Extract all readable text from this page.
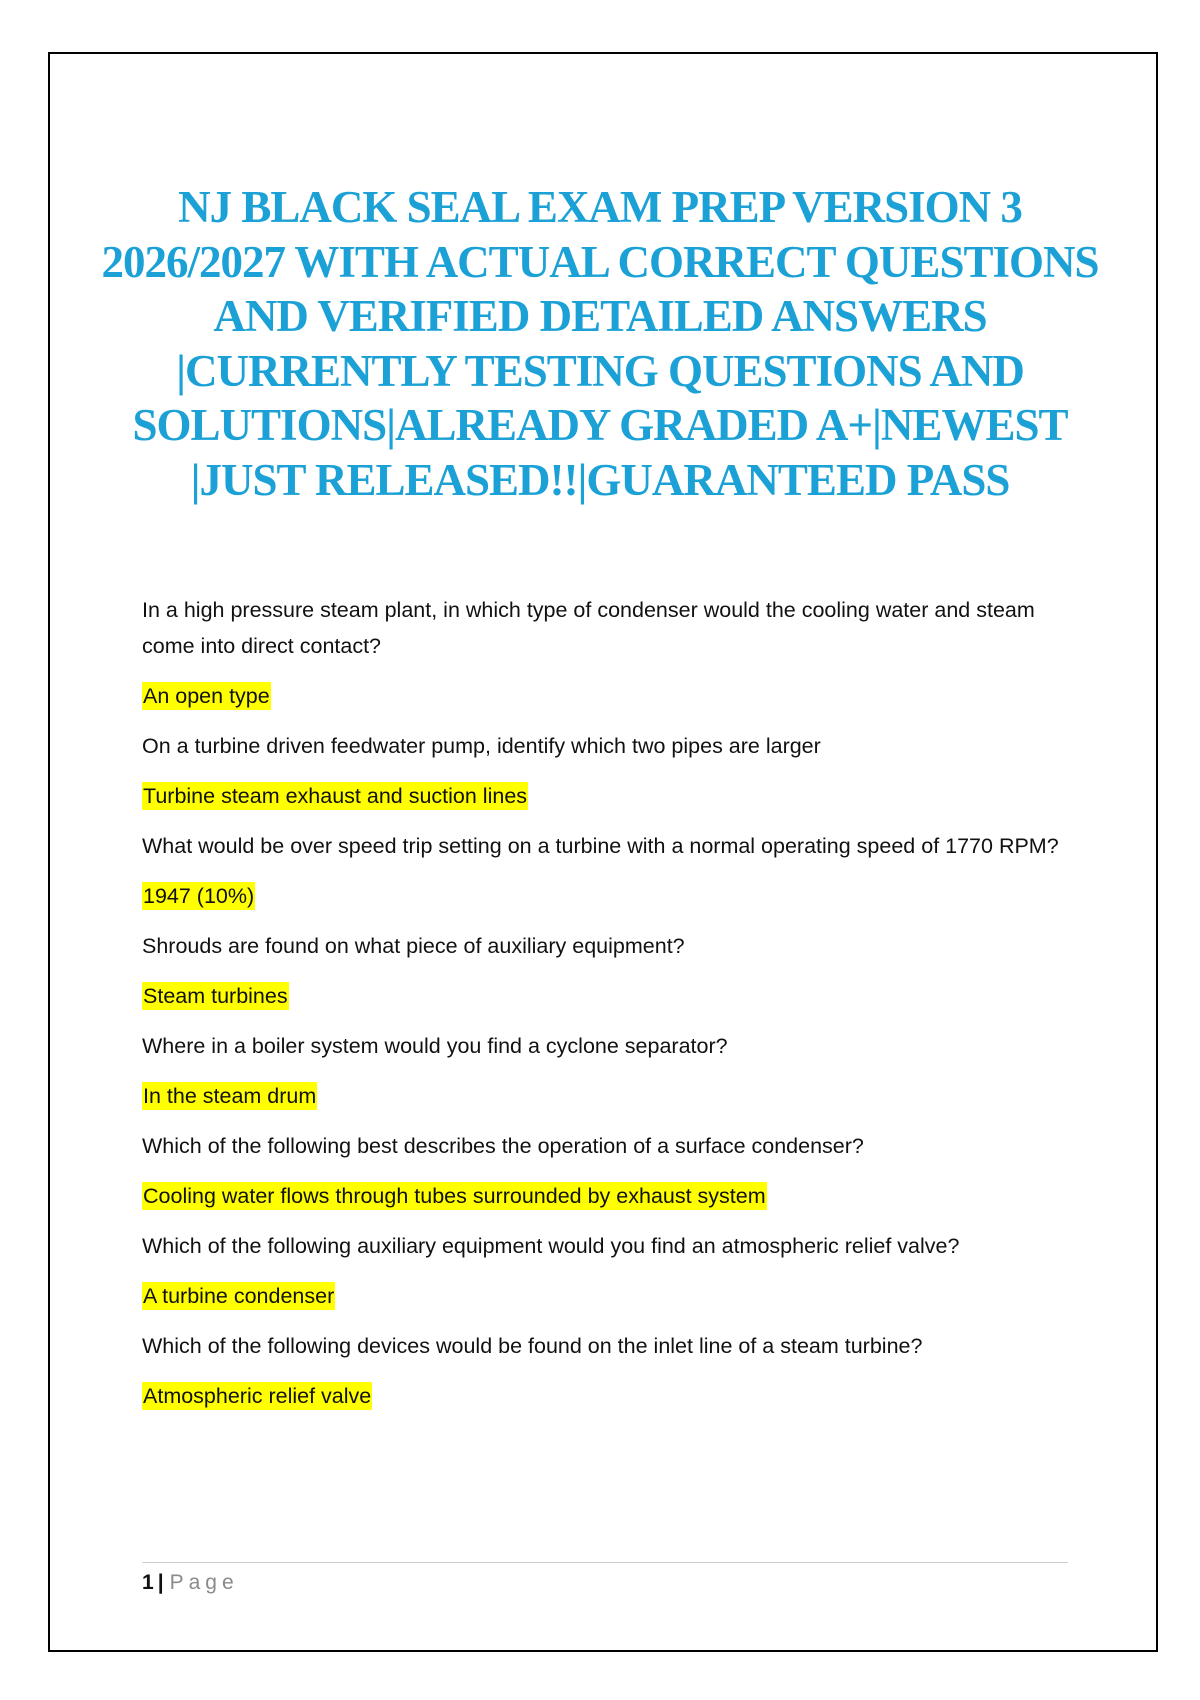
NJ BLACK SEAL EXAM PREP VERSION 3 2026/2027 WITH ACTUAL CORRECT QUESTIONS AND VERIFIED DETAILED ANSWERS |CURRENTLY TESTING QUESTIONS AND SOLUTIONS|ALREADY GRADED A+|NEWEST |JUST RELEASED!!|GUARANTEED PASS

In a high pressure steam plant, in which type of condenser would the cooling water and steam come into direct contact?

An open type

On a turbine driven feedwater pump, identify which two pipes are larger

Turbine steam exhaust and suction lines

What would be over speed trip setting on a turbine with a normal operating speed of 1770 RPM?

1947 (10%)

Shrouds are found on what piece of auxiliary equipment?

Steam turbines

Where in a boiler system would you find a cyclone separator?

In the steam drum

Which of the following best describes the operation of a surface condenser?

Cooling water flows through tubes surrounded by exhaust system

Which of the following auxiliary equipment would you find an atmospheric relief valve?

A turbine condenser

Which of the following devices would be found on the inlet line of a steam turbine?

Atmospheric relief valve

1 | Page
